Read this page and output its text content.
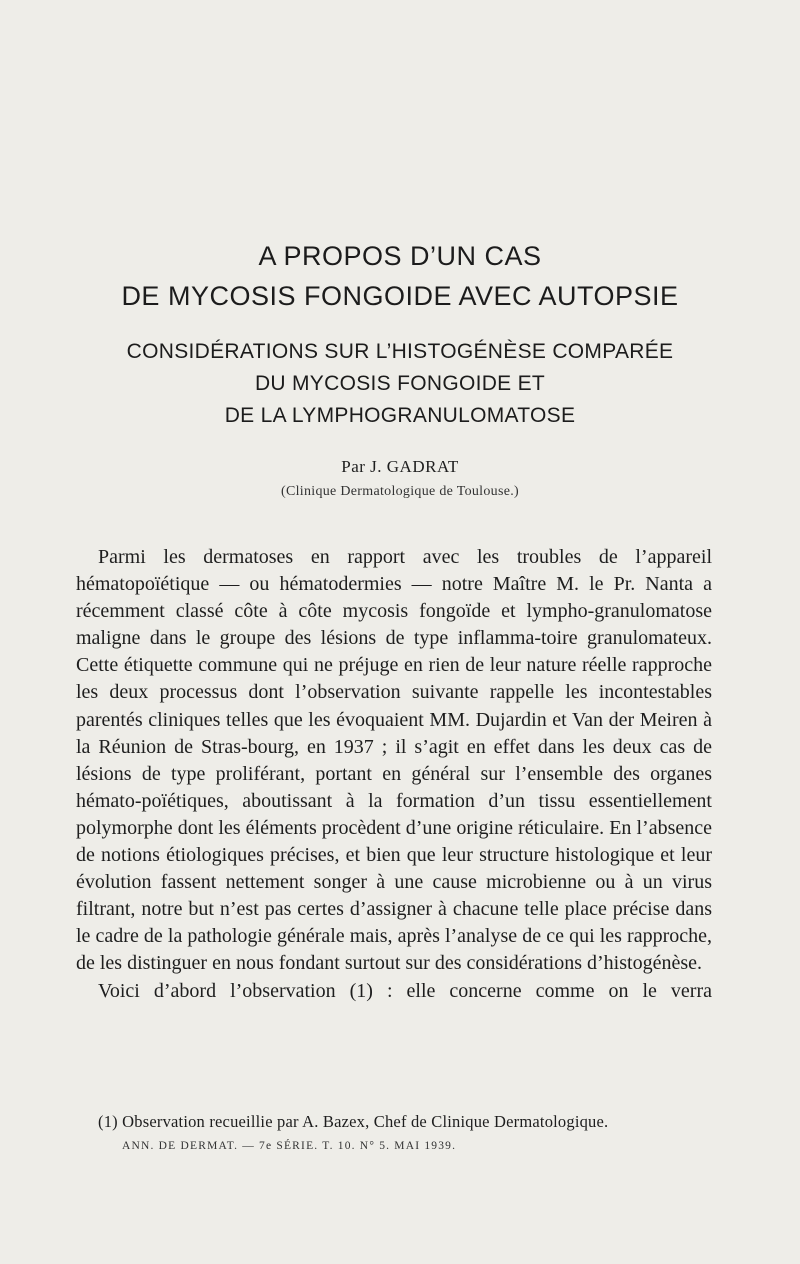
A PROPOS D’UN CAS
DE MYCOSIS FONGOIDE AVEC AUTOPSIE
CONSIDÉRATIONS SUR L’HISTOGÉNÈSE COMPARÉE
DU MYCOSIS FONGOIDE ET
DE LA LYMPHOGRANULOMATOSE
Par J. GADRAT
(Clinique Dermatologique de Toulouse.)

Parmi les dermatoses en rapport avec les troubles de l’appareil hématopoïétique — ou hématodermies — notre Maître M. le Pr. Nanta a récemment classé côte à côte mycosis fongoïde et lympho-granulomatose maligne dans le groupe des lésions de type inflamma-toire granulomateux. Cette étiquette commune qui ne préjuge en rien de leur nature réelle rapproche les deux processus dont l’observation suivante rappelle les incontestables parentés cliniques telles que les évoquaient MM. Dujardin et Van der Meiren à la Réunion de Stras-bourg, en 1937 ; il s’agit en effet dans les deux cas de lésions de type proliférant, portant en général sur l’ensemble des organes hémato-poïétiques, aboutissant à la formation d’un tissu essentiellement polymorphe dont les éléments procèdent d’une origine réticulaire. En l’absence de notions étiologiques précises, et bien que leur structure histologique et leur évolution fassent nettement songer à une cause microbienne ou à un virus filtrant, notre but n’est pas certes d’assigner à chacune telle place précise dans le cadre de la pathologie générale mais, après l’analyse de ce qui les rapproche, de les distinguer en nous fondant surtout sur des considérations d’histogénèse.

Voici d’abord l’observation (1) : elle concerne comme on le verra

(1) Observation recueillie par A. Bazex, Chef de Clinique Dermatologique.
ANN. DE DERMAT. — 7e SÉRIE. T. 10. N° 5. MAI 1939.
